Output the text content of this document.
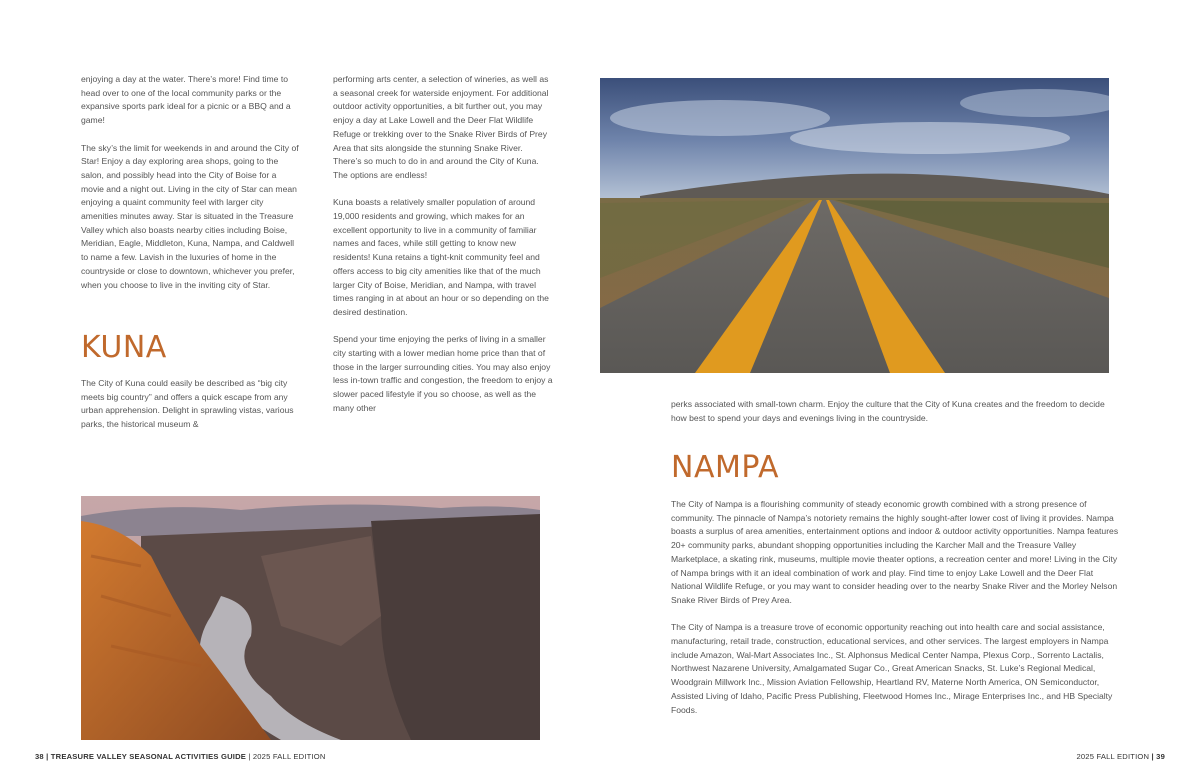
enjoying a day at the water. There’s more! Find time to head over to one of the local community parks or the expansive sports park ideal for a picnic or a BBQ and a game!

The sky’s the limit for weekends in and around the City of Star! Enjoy a day exploring area shops, going to the salon, and possibly head into the City of Boise for a movie and a night out. Living in the city of Star can mean enjoying a quaint community feel with larger city amenities minutes away. Star is situated in the Treasure Valley which also boasts nearby cities including Boise, Meridian, Eagle, Middleton, Kuna, Nampa, and Caldwell to name a few. Lavish in the luxuries of home in the countryside or close to downtown, whichever you prefer, when you choose to live in the inviting city of Star.

KUNA

The City of Kuna could easily be described as “big city meets big country” and offers a quick escape from any urban apprehension. Delight in sprawling vistas, various parks, the historical museum &

performing arts center, a selection of wineries, as well as a seasonal creek for waterside enjoyment. For additional outdoor activity opportunities, a bit further out, you may enjoy a day at Lake Lowell and the Deer Flat Wildlife Refuge or trekking over to the Snake River Birds of Prey Area that sits alongside the stunning Snake River. There’s so much to do in and around the City of Kuna. The options are endless!

Kuna boasts a relatively smaller population of around 19,000 residents and growing, which makes for an excellent opportunity to live in a community of familiar names and faces, while still getting to know new residents! Kuna retains a tight-knit community feel and offers access to big city amenities like that of the much larger City of Boise, Meridian, and Nampa, with travel times ranging in at about an hour or so depending on the desired destination.

Spend your time enjoying the perks of living in a smaller city starting with a lower median home price than that of those in the larger surrounding cities. You may also enjoy less in-town traffic and congestion, the freedom to enjoy a slower paced lifestyle if you so choose, as well as the many other	perks associated with small-town charm. Enjoy the culture that the City of Kuna creates and the freedom to decide how best to spend your days and evenings living in the countryside.

NAMPA

The City of Nampa is a flourishing community of steady economic growth combined with a strong presence of community. The pinnacle of Nampa’s notoriety remains the highly sought-after lower cost of living it provides. Nampa boasts a surplus of area amenities, entertainment options and indoor & outdoor activity opportunities. Nampa features 20+ community parks, abundant shopping opportunities including the Karcher Mall and the Treasure Valley Marketplace, a skating rink, museums, multiple movie theater options, a recreation center and more! Living in the City of Nampa brings with it an ideal combination of work and play. Find time to enjoy Lake Lowell and the Deer Flat National Wildlife Refuge, or you may want to consider heading over to the nearby Snake River and the Morley Nelson Snake River Birds of Prey Area.

The City of Nampa is a treasure trove of economic opportunity reaching out into health care and social assistance, manufacturing, retail trade, construction, educational services, and other services. The largest employers in Nampa include Amazon, Wal-Mart Associates Inc., St. Alphonsus Medical Center Nampa, Plexus Corp., Sorrento Lactalis, Northwest Nazarene University, Amalgamated Sugar Co., Great American Snacks, St. Luke’s Regional Medical, Woodgrain Millwork Inc., Mission Aviation Fellowship, Heartland RV, Materne North America, ON Semiconductor, Assisted Living of Idaho, Pacific Press Publishing, Fleetwood Homes Inc., Mirage Enterprises Inc., and HB Specialty Foods.

38 | TREASURE VALLEY SEASONAL ACTIVITIES GUIDE | 2025 FALL EDITION	2025 FALL EDITION | 39
